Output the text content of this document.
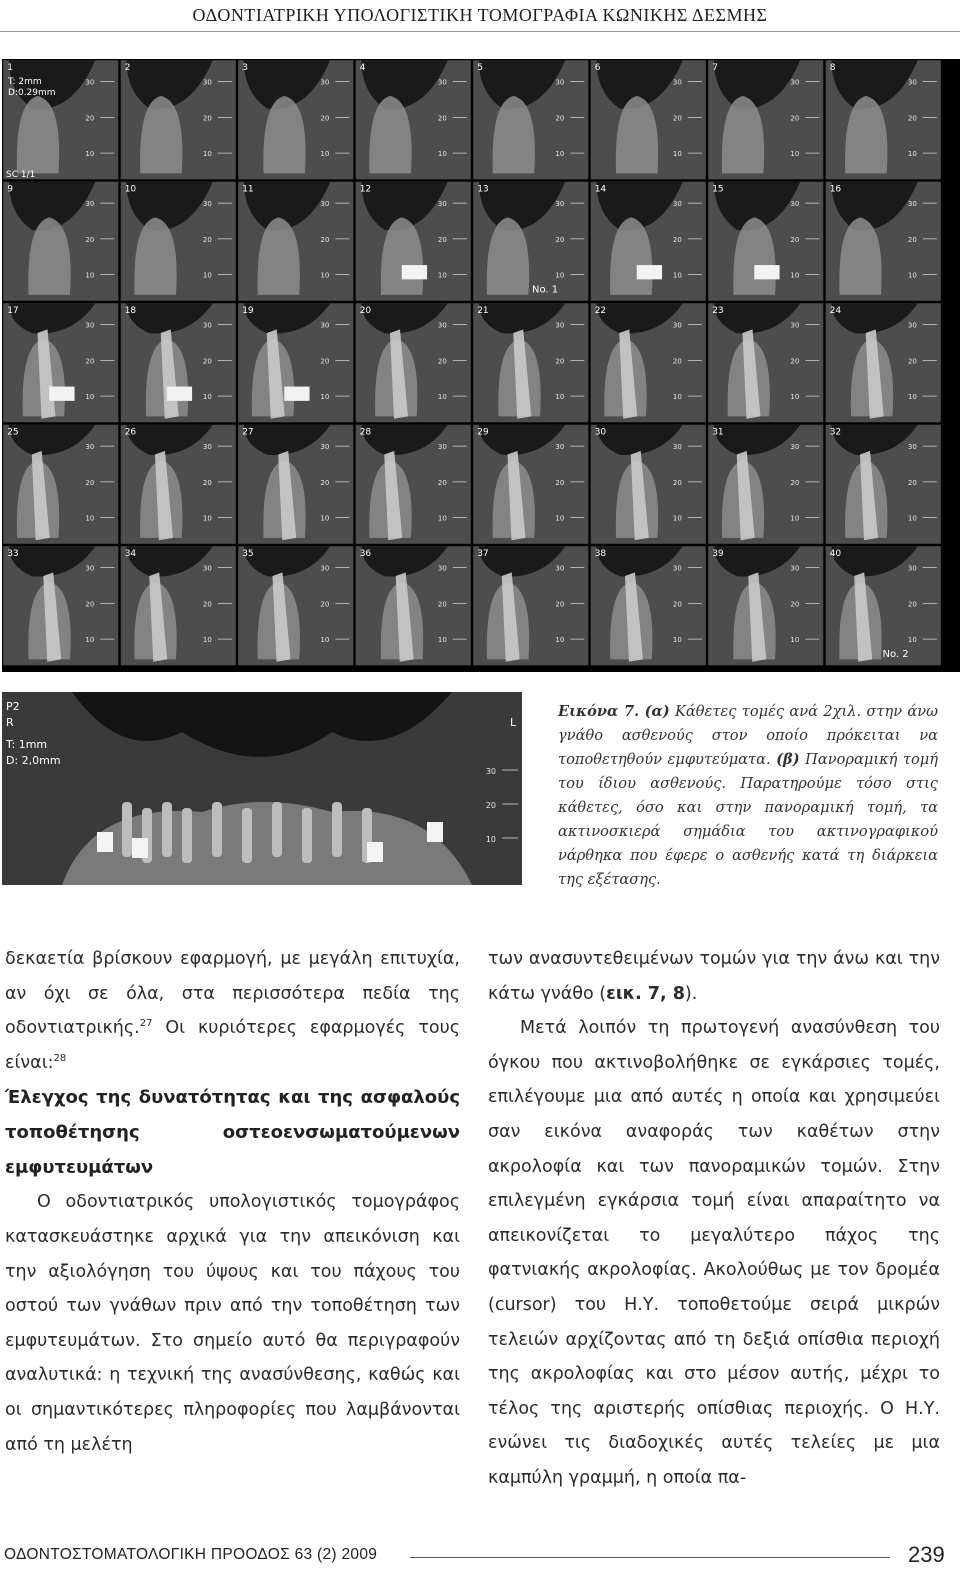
ΟΔΟΝΤΙΑΤΡΙΚΗ ΥΠΟΛΟΓΙΣΤΙΚΗ ΤΟΜΟΓΡΑΦΙΑ ΚΩΝΙΚΗΣ ΔΕΣΜΗΣ
30
20
10
1
30
20
10
2
30
20
10
3
30
20
10
4
30
20
10
5
30
20
10
6
30
20
10
7
30
20
10
8
30
20
10
9
30
20
10
10
30
20
10
11
30
20
10
12
30
20
10
13
30
20
10
14
30
20
10
15
30
20
10
16
30
20
10
17
30
20
10
18
30
20
10
19
30
20
10
20
30
20
10
21
30
20
10
22
30
20
10
23
30
20
10
24
30
20
10
25
30
20
10
26
30
20
10
27
30
20
10
28
30
20
10
29
30
20
10
30
30
20
10
31
30
20
10
32
30
20
10
33
30
20
10
34
30
20
10
35
30
20
10
36
30
20
10
37
30
20
10
38
30
20
10
39
30
20
10
40
T: 2mm
D:0.29mm
SC 1/1
No. 1
No. 2
P2
R
T: 1mm
D: 2,0mm
L
30
20
10
Εικόνα 7. (α) Κάθετες τομές ανά 2χιλ. στην άνω γνάθο ασθενούς στον οποίο πρόκειται να τοποθετηθούν εμφυτεύματα. (β) Πανοραμική τομή του ίδιου ασθενούς. Παρατηρούμε τόσο στις κάθετες, όσο και στην πανοραμική τομή, τα ακτινοσκιερά σημάδια του ακτινογραφικού νάρθηκα που έφερε ο ασθενής κατά τη διάρκεια της εξέτασης.

δεκαετία βρίσκουν εφαρμογή, με μεγάλη επιτυχία, αν όχι σε όλα, στα περισσότερα πεδία της οδοντιατρικής.$^{27}$ Οι κυριότερες εφαρμογές τους είναι:$^{28}$

Έλεγχος της δυνατότητας και της ασφαλούς τοποθέτησης οστεοενσωματούμενων εμφυτευμάτων

Ο οδοντιατρικός υπολογιστικός τομογράφος κατασκευάστηκε αρχικά για την απεικόνιση και την αξιολόγηση του ύψους και του πάχους του οστού των γνάθων πριν από την τοποθέτηση των εμφυτευμάτων. Στο σημείο αυτό θα περιγραφούν αναλυτικά: η τεχνική της ανασύνθεσης, καθώς και οι σημαντικότερες πληροφορίες που λαμβάνονται από τη μελέτη

των ανασυντεθειμένων τομών για την άνω και την κάτω γνάθο (εικ. 7, 8).

Μετά λοιπόν τη πρωτογενή ανασύνθεση του όγκου που ακτινοβολήθηκε σε εγκάρσιες τομές, επιλέγουμε μια από αυτές η οποία και χρησιμεύει σαν εικόνα αναφοράς των καθέτων στην ακρολοφία και των πανοραμικών τομών. Στην επιλεγμένη εγκάρσια τομή είναι απαραίτητο να απεικονίζεται το μεγαλύτερο πάχος της φατνιακής ακρολοφίας. Ακολούθως με τον δρομέα (cursor) του Η.Υ. τοποθετούμε σειρά μικρών τελειών αρχίζοντας από τη δεξιά οπίσθια περιοχή της ακρολοφίας και στο μέσον αυτής, μέχρι το τέλος της αριστερής οπίσθιας περιοχής. Ο Η.Υ. ενώνει τις διαδοχικές αυτές τελείες με μια καμπύλη γραμμή, η οποία πα-

ΟΔΟΝΤΟΣΤΟΜΑΤΟΛΟΓΙΚΗ ΠΡΟΟΔΟΣ 63 (2) 2009	239
